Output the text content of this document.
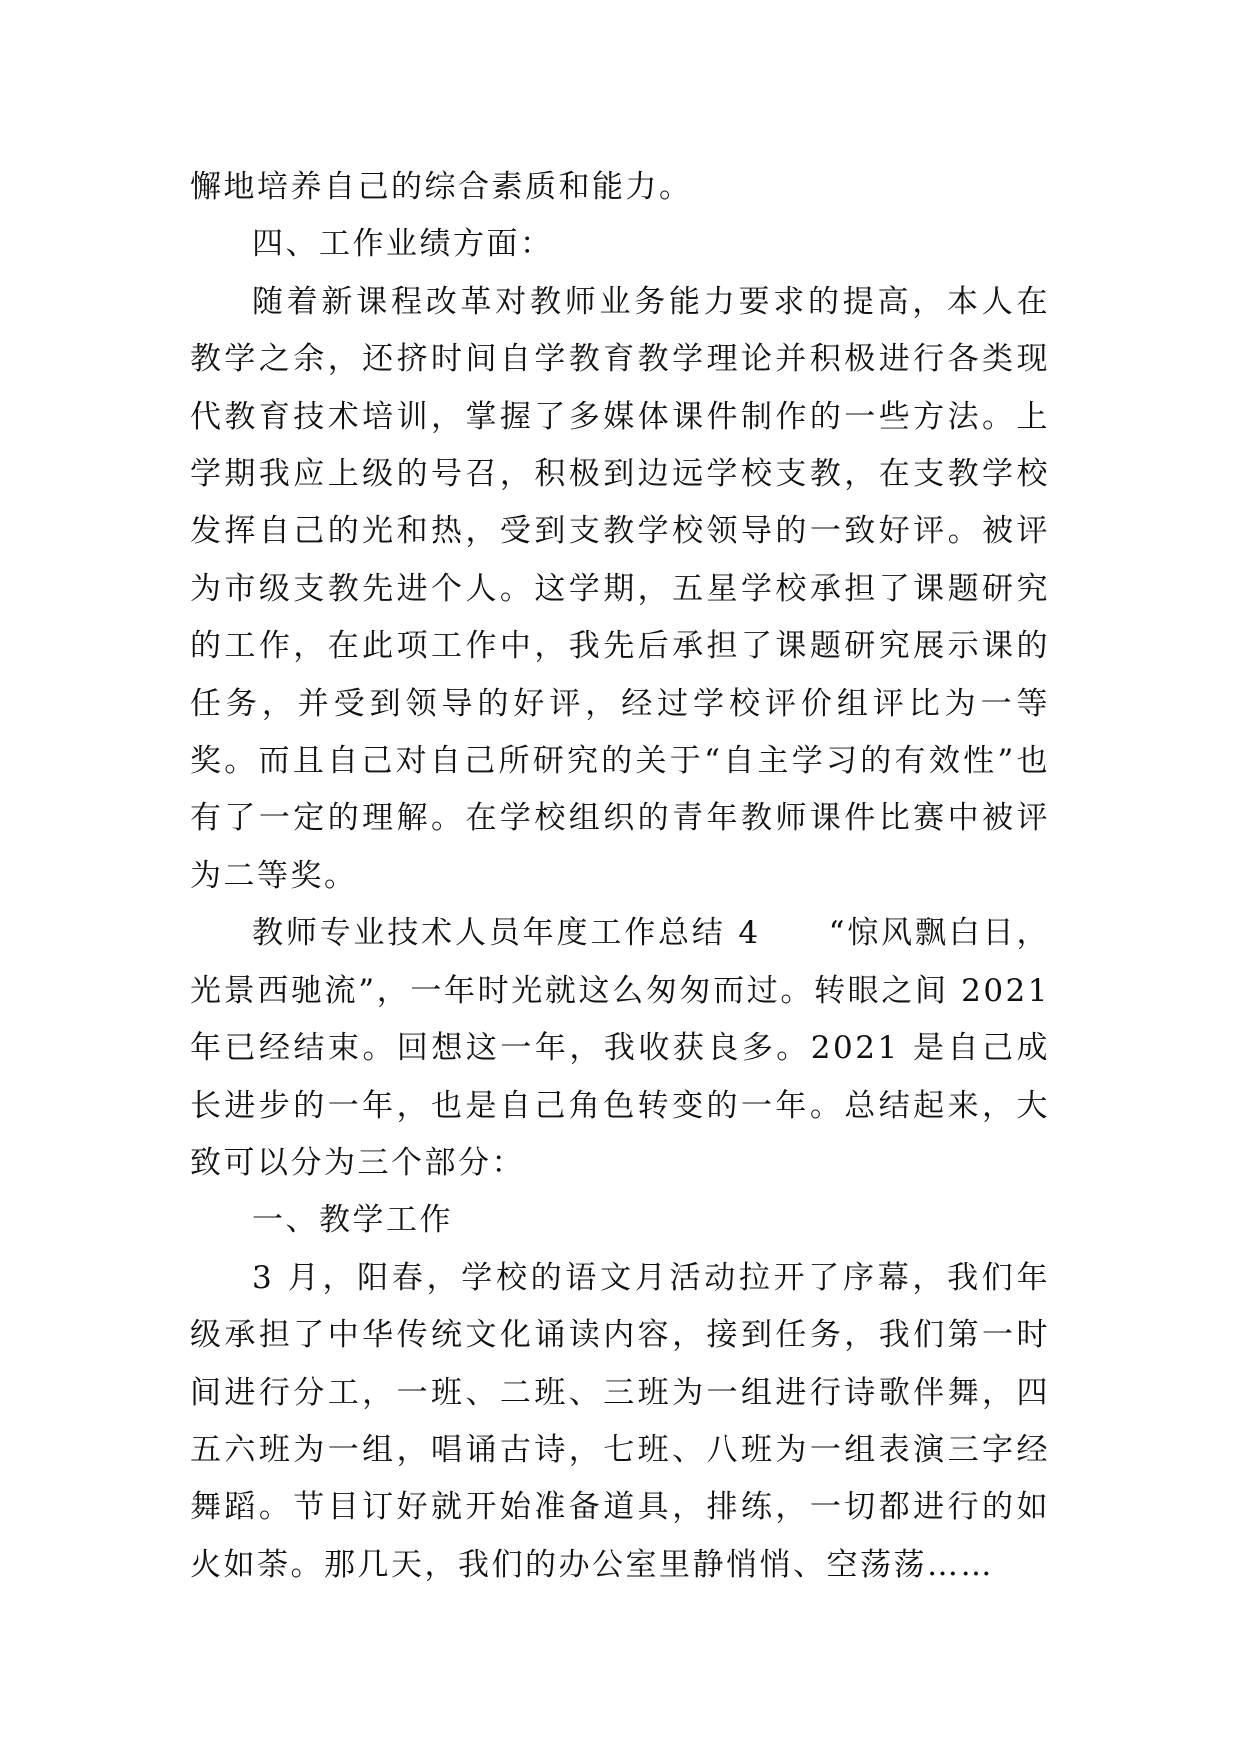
懈地培养自己的综合素质和能力。

四、工作业绩方面：

随着新课程改革对教师业务能力要求的提高，本人在教学之余，还挤时间自学教育教学理论并积极进行各类现代教育技术培训，掌握了多媒体课件制作的一些方法。上学期我应上级的号召，积极到边远学校支教，在支教学校发挥自己的光和热，受到支教学校领导的一致好评。被评为市级支教先进个人。这学期，五星学校承担了课题研究的工作，在此项工作中，我先后承担了课题研究展示课的任务，并受到领导的好评，经过学校评价组评比为一等奖。而且自己对自己所研究的关于“自主学习的有效性”也有了一定的理解。在学校组织的青年教师课件比赛中被评为二等奖。

教师专业技术人员年度工作总结 4　　“惊风飘白日，光景西驰流”，一年时光就这么匆匆而过。转眼之间 2021 年已经结束。回想这一年，我收获良多。2021 是自己成长进步的一年，也是自己角色转变的一年。总结起来，大致可以分为三个部分：

一、教学工作

3 月，阳春，学校的语文月活动拉开了序幕，我们年级承担了中华传统文化诵读内容，接到任务，我们第一时间进行分工，一班、二班、三班为一组进行诗歌伴舞，四五六班为一组，唱诵古诗，七班、八班为一组表演三字经舞蹈。节目订好就开始准备道具，排练，一切都进行的如火如荼。那几天，我们的办公室里静悄悄、空荡荡……
